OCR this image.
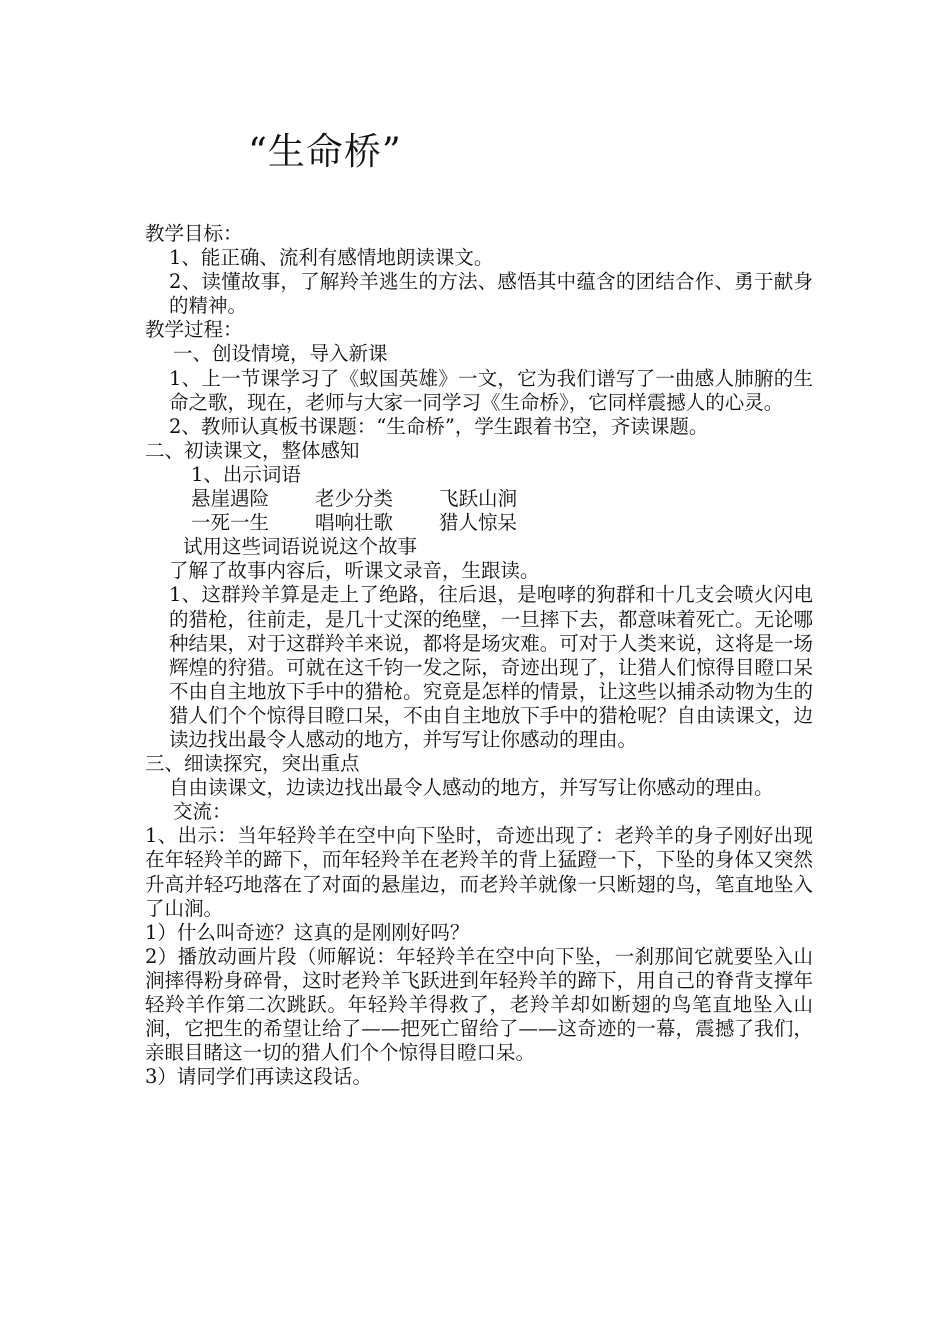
“生命桥”

教学目标：

1、能正确、流利有感情地朗读课文。

2、读懂故事，了解羚羊逃生的方法、感悟其中蕴含的团结合作、勇于献身的精神。

教学过程：

一、创设情境，导入新课

1、上一节课学习了《蚁国英雄》一文，它为我们谱写了一曲感人肺腑的生命之歌，现在，老师与大家一同学习《生命桥》，它同样震撼人的心灵。

2、教师认真板书课题：“生命桥”，学生跟着书空，齐读课题。

二、初读课文，整体感知

1、出示词语

悬崖遇险 老少分类 飞跃山涧

一死一生 唱响壮歌 猎人惊呆

试用这些词语说说这个故事

了解了故事内容后，听课文录音，生跟读。

1、这群羚羊算是走上了绝路，往后退，是咆哮的狗群和十几支会喷火闪电的猎枪，往前走，是几十丈深的绝壁，一旦摔下去，都意味着死亡。无论哪种结果，对于这群羚羊来说，都将是场灾难。可对于人类来说，这将是一场辉煌的狩猎。可就在这千钧一发之际，奇迹出现了，让猎人们惊得目瞪口呆不由自主地放下手中的猎枪。究竟是怎样的情景，让这些以捕杀动物为生的猎人们个个惊得目瞪口呆，不由自主地放下手中的猎枪呢？自由读课文，边读边找出最令人感动的地方，并写写让你感动的理由。

三、细读探究，突出重点

自由读课文，边读边找出最令人感动的地方，并写写让你感动的理由。

交流：

1、出示：当年轻羚羊在空中向下坠时，奇迹出现了：老羚羊的身子刚好出现在年轻羚羊的蹄下，而年轻羚羊在老羚羊的背上猛蹬一下，下坠的身体又突然升高并轻巧地落在了对面的悬崖边，而老羚羊就像一只断翅的鸟，笔直地坠入了山涧。

1）什么叫奇迹？这真的是刚刚好吗？

2）播放动画片段（师解说：年轻羚羊在空中向下坠，一刹那间它就要坠入山涧摔得粉身碎骨，这时老羚羊飞跃进到年轻羚羊的蹄下，用自己的脊背支撑年轻羚羊作第二次跳跃。年轻羚羊得救了，老羚羊却如断翅的鸟笔直地坠入山涧，它把生的希望让给了——把死亡留给了——这奇迹的一幕，震撼了我们，亲眼目睹这一切的猎人们个个惊得目瞪口呆。

3）请同学们再读这段话。
